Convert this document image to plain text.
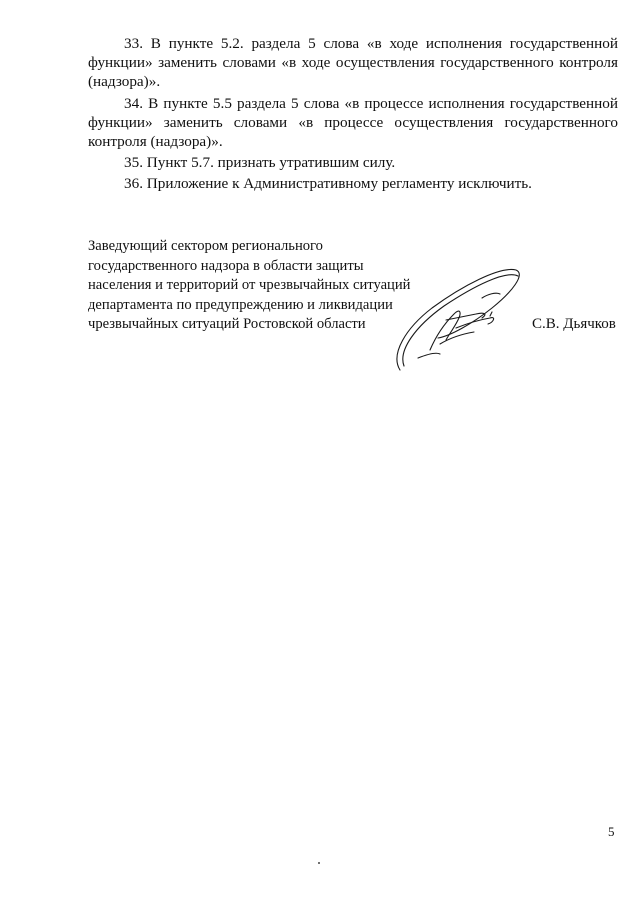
33. В пункте 5.2. раздела 5 слова «в ходе исполнения государственной функции» заменить словами «в ходе осуществления государственного контроля (надзора)».

34. В пункте 5.5 раздела 5 слова «в процессе исполнения государственной функции» заменить словами «в процессе осуществления государственного контроля (надзора)».

35. Пункт 5.7. признать утратившим силу.

36. Приложение к Административному регламенту исключить.

Заведующий сектором регионального
государственного надзора в области защиты
населения и территорий от чрезвычайных ситуаций
департамента по предупреждению и ликвидации
чрезвычайных ситуаций Ростовской области	С.В. Дьячков
5
